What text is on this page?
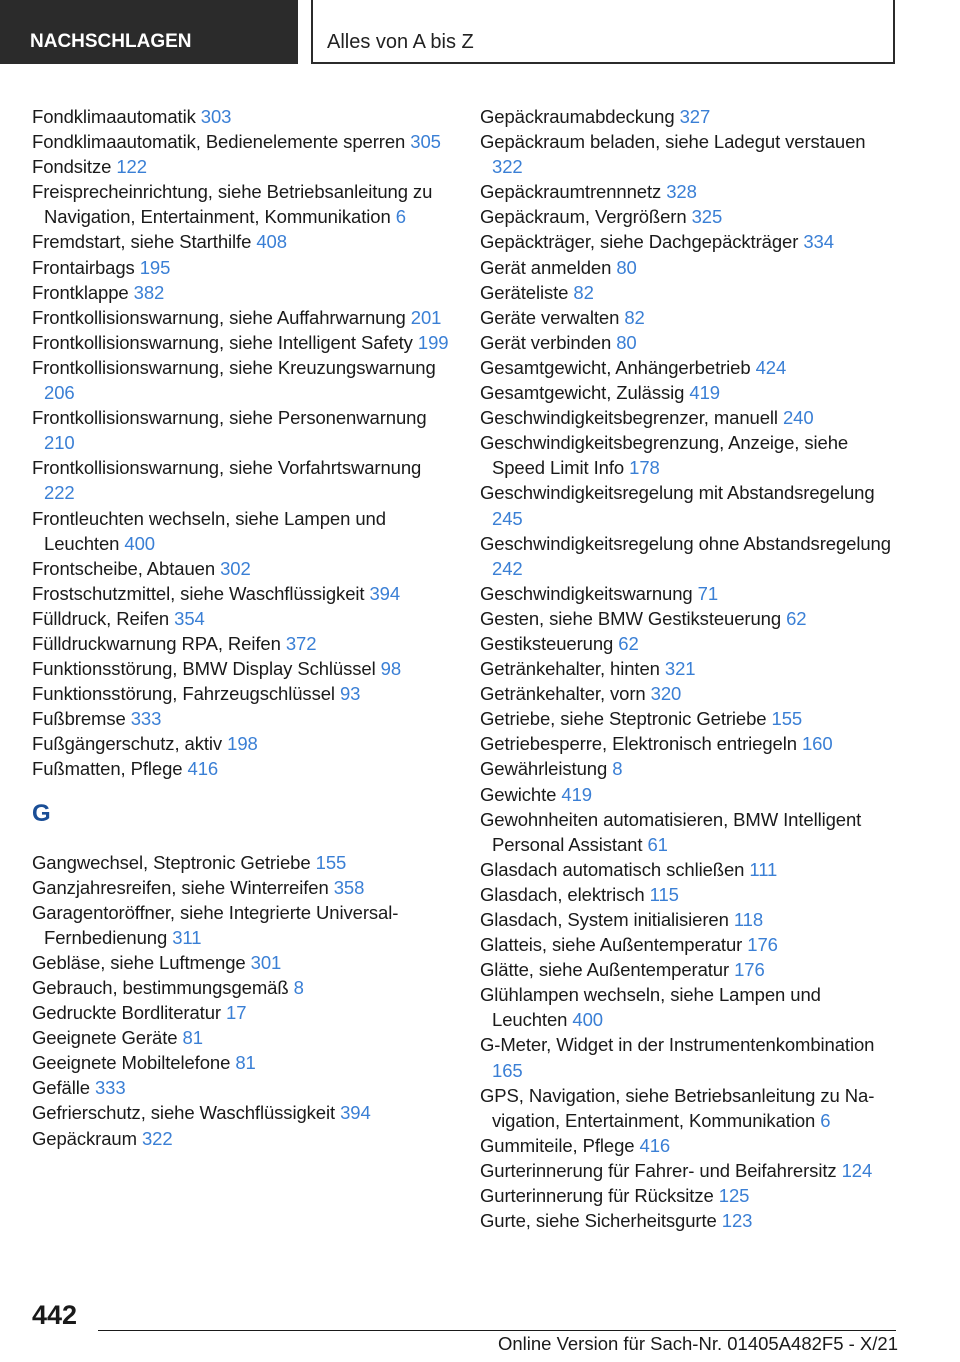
NACHSCHLAGEN	Alles von A bis Z
Fondklimaautomatik 303
Fondklimaautomatik, Bedienelemente sperren 305
Fondsitze 122
Freisprecheinrichtung, siehe Betriebsanleitung zu Navigation, Entertainment, Kommunikation 6
Fremdstart, siehe Starthilfe 408
Frontairbags 195
Frontklappe 382
Frontkollisionswarnung, siehe Auffahrwarnung 201
Frontkollisionswarnung, siehe Intelligent Safety 199
Frontkollisionswarnung, siehe Kreuzungswarnung 206
Frontkollisionswarnung, siehe Personenwarnung 210
Frontkollisionswarnung, siehe Vorfahrtswarnung 222
Frontleuchten wechseln, siehe Lampen und Leuchten 400
Frontscheibe, Abtauen 302
Frostschutzmittel, siehe Waschflüssigkeit 394
Fülldruck, Reifen 354
Fülldruckwarnung RPA, Reifen 372
Funktionsstörung, BMW Display Schlüssel 98
Funktionsstörung, Fahrzeugschlüssel 93
Fußbremse 333
Fußgängerschutz, aktiv 198
Fußmatten, Pflege 416
G
Gangwechsel, Steptronic Getriebe 155
Ganzjahresreifen, siehe Winterreifen 358
Garagentoröffner, siehe Integrierte UniversalFernbedienung 311
Gebläse, siehe Luftmenge 301
Gebrauch, bestimmungsgemäß 8
Gedruckte Bordliteratur 17
Geeignete Geräte 81
Geeignete Mobiltelefone 81
Gefälle 333
Gefrierschutz, siehe Waschflüssigkeit 394
Gepäckraum 322
Gepäckraumabdeckung 327
Gepäckraum beladen, siehe Ladegut verstauen 322
Gepäckraumtrennnetz 328
Gepäckraum, Vergrößern 325
Gepäckträger, siehe Dachgepäckträger 334
Gerät anmelden 80
Geräteliste 82
Geräte verwalten 82
Gerät verbinden 80
Gesamtgewicht, Anhängerbetrieb 424
Gesamtgewicht, Zulässig 419
Geschwindigkeitsbegrenzer, manuell 240
Geschwindigkeitsbegrenzung, Anzeige, siehe Speed Limit Info 178
Geschwindigkeitsregelung mit Abstandsregelung 245
Geschwindigkeitsregelung ohne Abstandsregelung 242
Geschwindigkeitswarnung 71
Gesten, siehe BMW Gestiksteuerung 62
Gestiksteuerung 62
Getränkehalter, hinten 321
Getränkehalter, vorn 320
Getriebe, siehe Steptronic Getriebe 155
Getriebesperre, Elektronisch entriegeln 160
Gewährleistung 8
Gewichte 419
Gewohnheiten automatisieren, BMW Intelligent Personal Assistant 61
Glasdach automatisch schließen 111
Glasdach, elektrisch 115
Glasdach, System initialisieren 118
Glatteis, siehe Außentemperatur 176
Glätte, siehe Außentemperatur 176
Glühlampen wechseln, siehe Lampen und Leuchten 400
G-Meter, Widget in der Instrumentenkombination 165
GPS, Navigation, siehe Betriebsanleitung zu Navigation, Entertainment, Kommunikation 6
Gummiteile, Pflege 416
Gurterinnerung für Fahrer- und Beifahrersitz 124
Gurterinnerung für Rücksitze 125
Gurte, siehe Sicherheitsgurte 123
442
Online Version für Sach-Nr. 01405A482F5 - X/21
